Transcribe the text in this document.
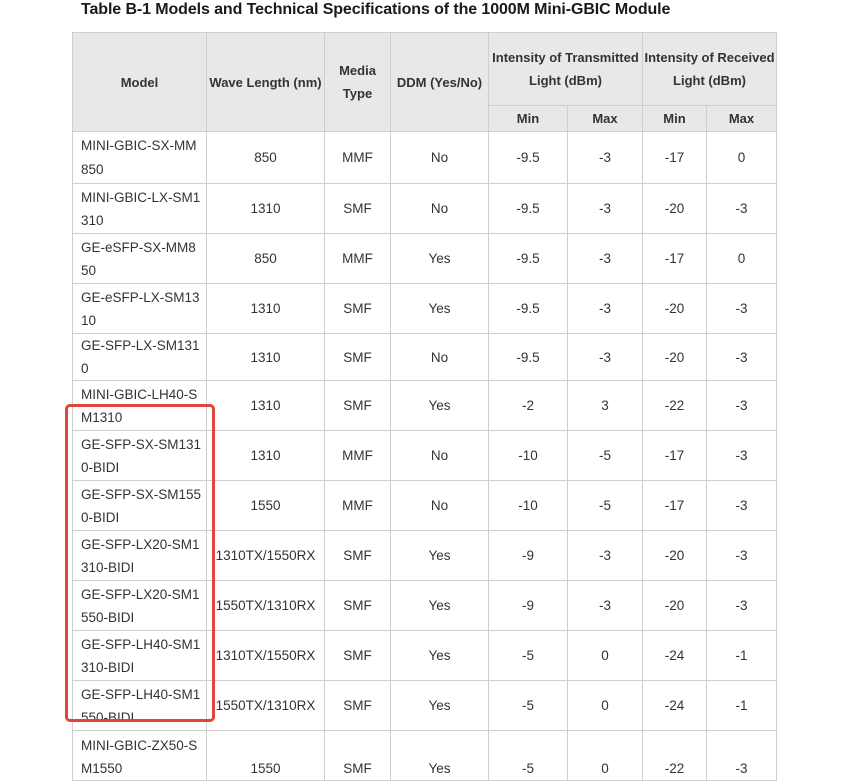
Table B-1 Models and Technical Specifications of the 1000M Mini-GBIC Module
Model	Wave Length (nm)	Media Type	DDM (Yes/No)	Intensity of Transmitted Light (dBm)		Intensity of Received Light (dBm)	
				Min	Max	Min	Max
MINI-GBIC-SX-MM850	850	MMF	No	-9.5	-3	-17	0
MINI-GBIC-LX-SM1310	1310	SMF	No	-9.5	-3	-20	-3
GE-eSFP-SX-MM850	850	MMF	Yes	-9.5	-3	-17	0
GE-eSFP-LX-SM1310	1310	SMF	Yes	-9.5	-3	-20	-3
GE-SFP-LX-SM1310	1310	SMF	No	-9.5	-3	-20	-3
MINI-GBIC-LH40-SM1310	1310	SMF	Yes	-2	3	-22	-3
GE-SFP-SX-SM1310-BIDI	1310	MMF	No	-10	-5	-17	-3
GE-SFP-SX-SM1550-BIDI	1550	MMF	No	-10	-5	-17	-3
GE-SFP-LX20-SM1310-BIDI	1310TX/1550RX	SMF	Yes	-9	-3	-20	-3
GE-SFP-LX20-SM1550-BIDI	1550TX/1310RX	SMF	Yes	-9	-3	-20	-3
GE-SFP-LH40-SM1310-BIDI	1310TX/1550RX	SMF	Yes	-5	0	-24	-1
GE-SFP-LH40-SM1550-BIDI	1550TX/1310RX	SMF	Yes	-5	0	-24	-1
MINI-GBIC-ZX50-SM1550	1550	SMF	Yes	-5	0	-22	-3
